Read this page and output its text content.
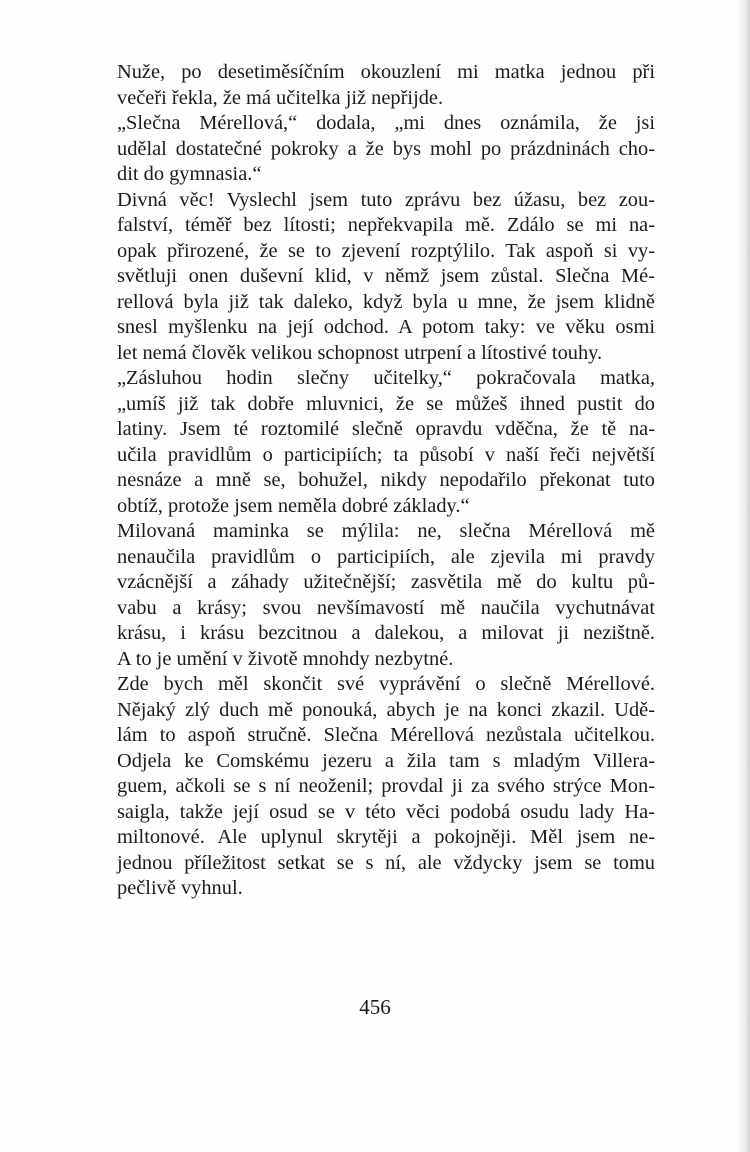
Nuže, po desetiměsíčním okouzlení mi matka jednou při
večeři řekla, že má učitelka již nepřijde.
„Slečna Mérellová,“ dodala, „mi dnes oznámila, že jsi
udělal dostatečné pokroky a že bys mohl po prázdninách cho-
dit do gymnasia.“
Divná věc! Vyslechl jsem tuto zprávu bez úžasu, bez zou-
falství, téměř bez lítosti; nepřekvapila mě. Zdálo se mi na-
opak přirozené, že se to zjevení rozptýlilo. Tak aspoň si vy-
světluji onen duševní klid, v němž jsem zůstal. Slečna Mé-
rellová byla již tak daleko, když byla u mne, že jsem klidně
snesl myšlenku na její odchod. A potom taky: ve věku osmi
let nemá člověk velikou schopnost utrpení a lítostivé touhy.
„Zásluhou hodin slečny učitelky,“ pokračovala matka,
„umíš již tak dobře mluvnici, že se můžeš ihned pustit do
latiny. Jsem té roztomilé slečně opravdu vděčna, že tě na-
učila pravidlům o participiích; ta působí v naší řeči největší
nesnáze a mně se, bohužel, nikdy nepodařilo překonat tuto
obtíž, protože jsem neměla dobré základy.“
Milovaná maminka se mýlila: ne, slečna Mérellová mě
nenaučila pravidlům o participiích, ale zjevila mi pravdy
vzácnější a záhady užitečnější; zasvětila mě do kultu pů-
vabu a krásy; svou nevšímavostí mě naučila vychutnávat
krásu, i krásu bezcitnou a dalekou, a milovat ji nezištně.
A to je umění v životě mnohdy nezbytné.
Zde bych měl skončit své vyprávění o slečně Mérellové.
Nějaký zlý duch mě ponouká, abych je na konci zkazil. Udě-
lám to aspoň stručně. Slečna Mérellová nezůstala učitelkou.
Odjela ke Comskému jezeru a žila tam s mladým Villera-
guem, ačkoli se s ní neoženil; provdal ji za svého strýce Mon-
saigla, takže její osud se v této věci podobá osudu lady Ha-
miltonové. Ale uplynul skrytěji a pokojněji. Měl jsem ne-
jednou příležitost setkat se s ní, ale vždycky jsem se tomu
pečlivě vyhnul.
456
